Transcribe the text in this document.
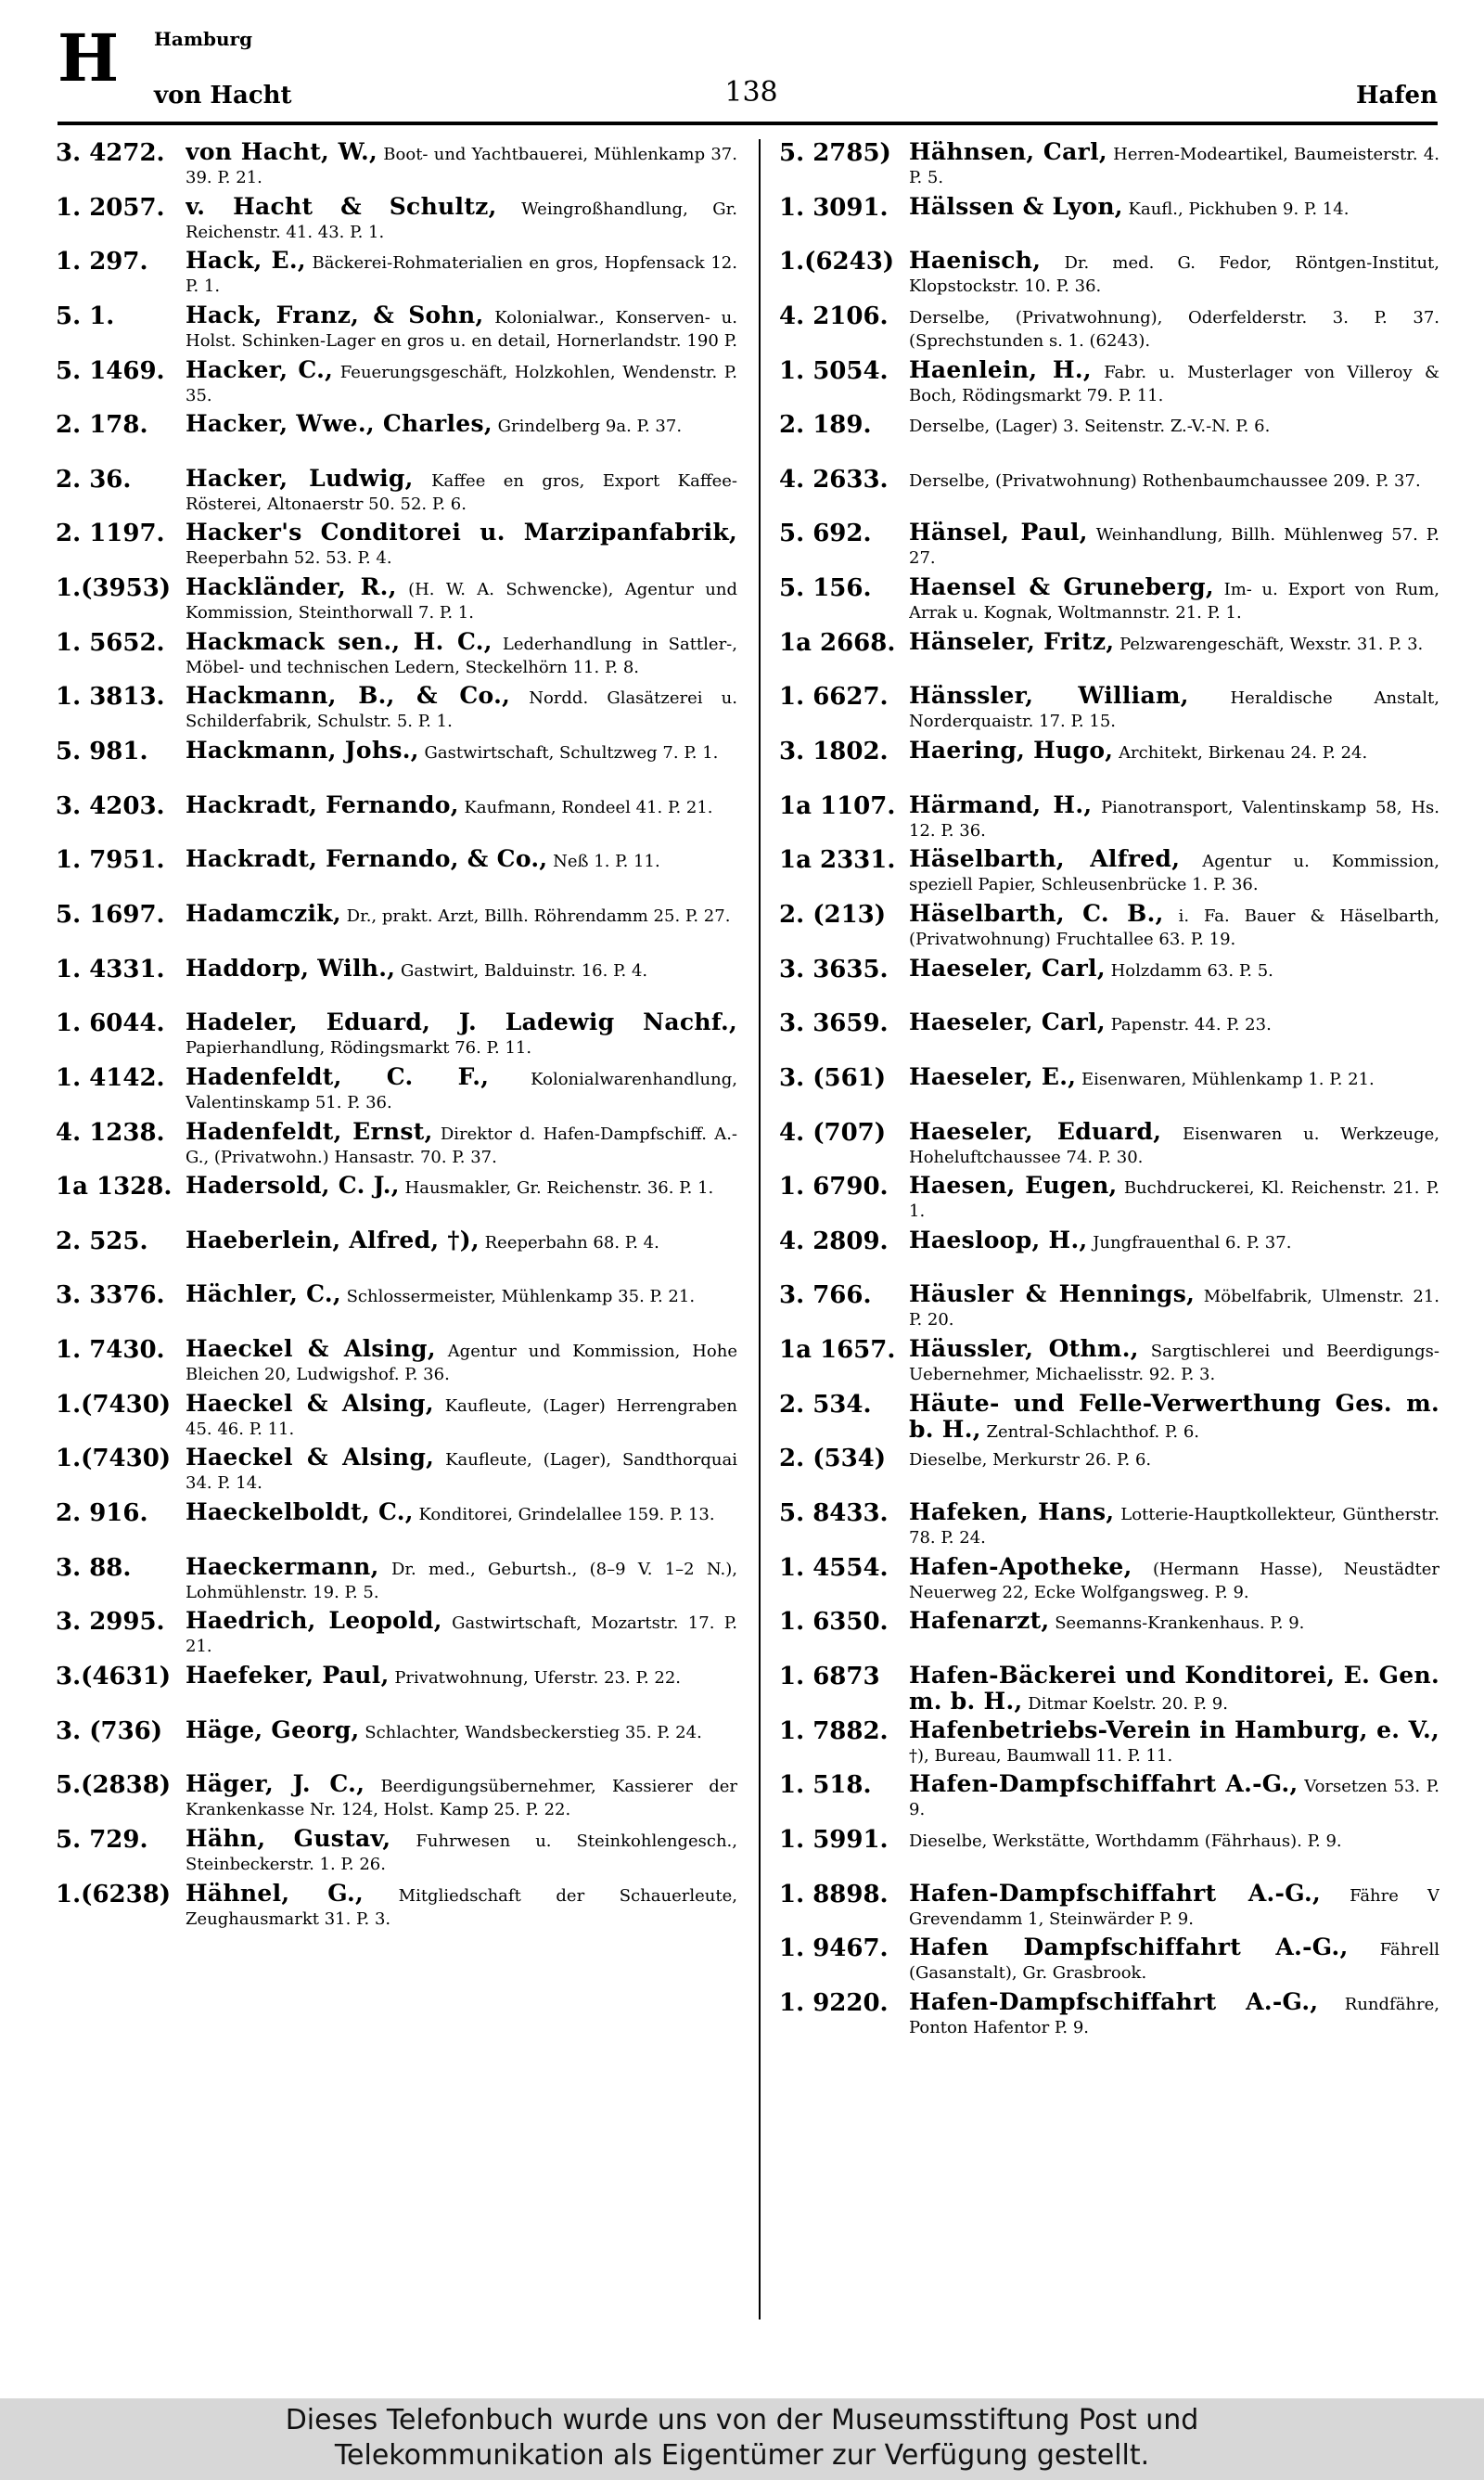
H Hamburg
von Hacht	138	Hafen
3. 4272. von Hacht, W., Boot- und Yachtbauerei, Mühlenkamp 37. 39. P. 21.
1. 2057. v. Hacht & Schultz, Weingroßhandlung, Gr. Reichenstr. 41. 43. P. 1.
1. 297.	Hack, E., Bäckerei-Rohmaterialien en gros, Hopfensack 12. P. 1.
5. 1.	Hack, Franz, & Sohn, Kolonialwar., Konserven- u. Holst. Schinken-Lager en gros u. en detail, Hornerlandstr. 190 P.
5. 1469. Hacker, C., Feuerungsgeschäft, Holzkohlen, Wendenstr. P. 35.
2. 178.	Hacker, Wwe., Charles, Grindelberg 9a. P. 37.
2. 36.	Hacker, Ludwig, Kaffee en gros, Export Kaffee-Rösterei, Altonaerstr 50. 52. P. 6.
2. 1197. Hacker's Conditorei u. Marzipanfabrik, Reeperbahn 52. 53. P. 4.
1.(3953) Hackländer, R., (H. W. A. Schwencke), Agentur und Kommission, Steinthorwall 7. P. 1.
1. 5652. Hackmack sen., H. C., Lederhandlung in Sattler-, Möbel- und technischen Ledern, Steckelhörn 11. P. 8.
1. 3813. Hackmann, B., & Co., Nordd. Glasätzerei u. Schilderfabrik, Schulstr. 5. P. 1.
5. 981.	Hackmann, Johs., Gastwirtschaft, Schultzweg 7. P. 1.
3. 4203. Hackradt, Fernando, Kaufmann, Rondeel 41. P. 21.
1. 7951. Hackradt, Fernando, & Co., Neß 1. P. 11.
5. 1697. Hadamczik, Dr., prakt. Arzt, Billh. Röhrendamm 25. P. 27.
1. 4331. Haddorp, Wilh., Gastwirt, Balduinstr. 16. P. 4.
1. 6044. Hadeler, Eduard, J. Ladewig Nachf., Papierhandlung, Rödingsmarkt 76. P. 11.
1. 4142. Hadenfeldt, C. F., Kolonialwarenhandlung, Valentinskamp 51. P. 36.
4. 1238. Hadenfeldt, Ernst, Direktor d. Hafen-Dampfschiff. A.-G., (Privatwohn.) Hansastr. 70. P. 37.
1a 1328. Hadersold, C. J., Hausmakler, Gr. Reichenstr. 36. P. 1.
2. 525.	Haeberlein, Alfred, †), Reeperbahn 68. P. 4.
3. 3376. Hächler, C., Schlossermeister, Mühlenkamp 35. P. 21.
1. 7430. Haeckel & Alsing, Agentur und Kommission, Hohe Bleichen 20, Ludwigshof. P. 36.
1.(7430) Haeckel & Alsing, Kaufleute, (Lager) Herrengraben 45. 46. P. 11.
1.(7430) Haeckel & Alsing, Kaufleute, (Lager), Sandthorquai 34. P. 14.
2. 916.	Haeckelboldt, C., Konditorei, Grindelallee 159. P. 13.
3. 88.	Haeckermann, Dr. med., Geburtsh., (8–9 V. 1–2 N.), Lohmühlenstr. 19. P. 5.
3. 2995. Haedrich, Leopold, Gastwirtschaft, Mozartstr. 17. P. 21.
3.(4631) Haefeker, Paul, Privatwohnung, Uferstr. 23. P. 22.
3. (736) Häge, Georg, Schlachter, Wandsbeckerstieg 35. P. 24.
5.(2838) Häger, J. C., Beerdigungsübernehmer, Kassierer der Krankenkasse Nr. 124, Holst. Kamp 25. P. 22.
5. 729.	Hähn, Gustav, Fuhrwesen u. Steinkohlengesch., Steinbeckerstr. 1. P. 26.
1.(6238) Hähnel, G., Mitgliedschaft der Schauerleute, Zeughausmarkt 31. P. 3.
5. 2785) Hähnsen, Carl, Herren-Modeartikel, Baumeisterstr. 4. P. 5.
1. 3091. Hälssen & Lyon, Kaufl., Pickhuben 9. P. 14.
1.(6243) Haenisch, Dr. med. G. Fedor, Röntgen-Institut, Klopstockstr. 10. P. 36.
4. 2106.	Derselbe, (Privatwohnung), Oderfelderstr. 3. P. 37. (Sprechstunden s. 1. (6243).
1. 5054. Haenlein, H., Fabr. u. Musterlager von Villeroy & Boch, Rödingsmarkt 79. P. 11.
2. 189.	Derselbe, (Lager) 3. Seitenstr. Z.-V.-N. P. 6.
4. 2633.	Derselbe, (Privatwohnung) Rothenbaumchaussee 209. P. 37.
5. 692.	Hänsel, Paul, Weinhandlung, Billh. Mühlenweg 57. P. 27.
5. 156.	Haensel & Gruneberg, Im- u. Export von Rum, Arrak u. Kognak, Woltmannstr. 21. P. 1.
1a 2668. Hänseler, Fritz, Pelzwarengeschäft, Wexstr. 31. P. 3.
1. 6627. Hänssler, William, Heraldische Anstalt, Norderquaistr. 17. P. 15.
3. 1802. Haering, Hugo, Architekt, Birkenau 24. P. 24.
1a 1107. Härmand, H., Pianotransport, Valentinskamp 58, Hs. 12. P. 36.
1a 2331. Häselbarth, Alfred, Agentur u. Kommission, speziell Papier, Schleusenbrücke 1. P. 36.
2. (213) Häselbarth, C. B., i. Fa. Bauer & Häselbarth, (Privatwohnung) Fruchtallee 63. P. 19.
3. 3635. Haeseler, Carl, Holzdamm 63. P. 5.
3. 3659. Haeseler, Carl, Papenstr. 44. P. 23.
3. (561) Haeseler, E., Eisenwaren, Mühlenkamp 1. P. 21.
4. (707) Haeseler, Eduard, Eisenwaren u. Werkzeuge, Hoheluftchaussee 74. P. 30.
1. 6790. Haesen, Eugen, Buchdruckerei, Kl. Reichenstr. 21. P. 1.
4. 2809. Haesloop, H., Jungfrauenthal 6. P. 37.
3. 766.	Häusler & Hennings, Möbelfabrik, Ulmenstr. 21. P. 20.
1a 1657. Häussler, Othm., Sargtischlerei und Beerdigungs-Uebernehmer, Michaelisstr. 92. P. 3.
2. 534.	Häute- und Felle-Verwerthung Ges. m. b. H., Zentral-Schlachthof. P. 6.
2. (534)	Dieselbe, Merkurstr 26. P. 6.
5. 8433. Hafeken, Hans, Lotterie-Hauptkollekteur, Güntherstr. 78. P. 24.
1. 4554. Hafen-Apotheke, (Hermann Hasse), Neustädter Neuerweg 22, Ecke Wolfgangsweg. P. 9.
1. 6350. Hafenarzt, Seemanns-Krankenhaus. P. 9.
1. 6873	Hafen-Bäckerei und Konditorei, E. Gen. m. b. H., Ditmar Koelstr. 20. P. 9.
1. 7882. Hafenbetriebs-Verein in Hamburg, e. V., †), Bureau, Baumwall 11. P. 11.
1. 518.	Hafen-Dampfschiffahrt A.-G., Vorsetzen 53. P. 9.
1. 5991.	Dieselbe, Werkstätte, Worthdamm (Fährhaus). P. 9.
1. 8898. Hafen-Dampfschiffahrt A.-G., Fähre V Grevendamm 1, Steinwärder P. 9.
1. 9467. Hafen Dampfschiffahrt A.-G., Fährell (Gasanstalt), Gr. Grasbrook.
1. 9220. Hafen-Dampfschiffahrt A.-G., Rundfähre, Ponton Hafentor P. 9.
Dieses Telefonbuch wurde uns von der Museumsstiftung Post und
Telekommunikation als Eigentümer zur Verfügung gestellt.
